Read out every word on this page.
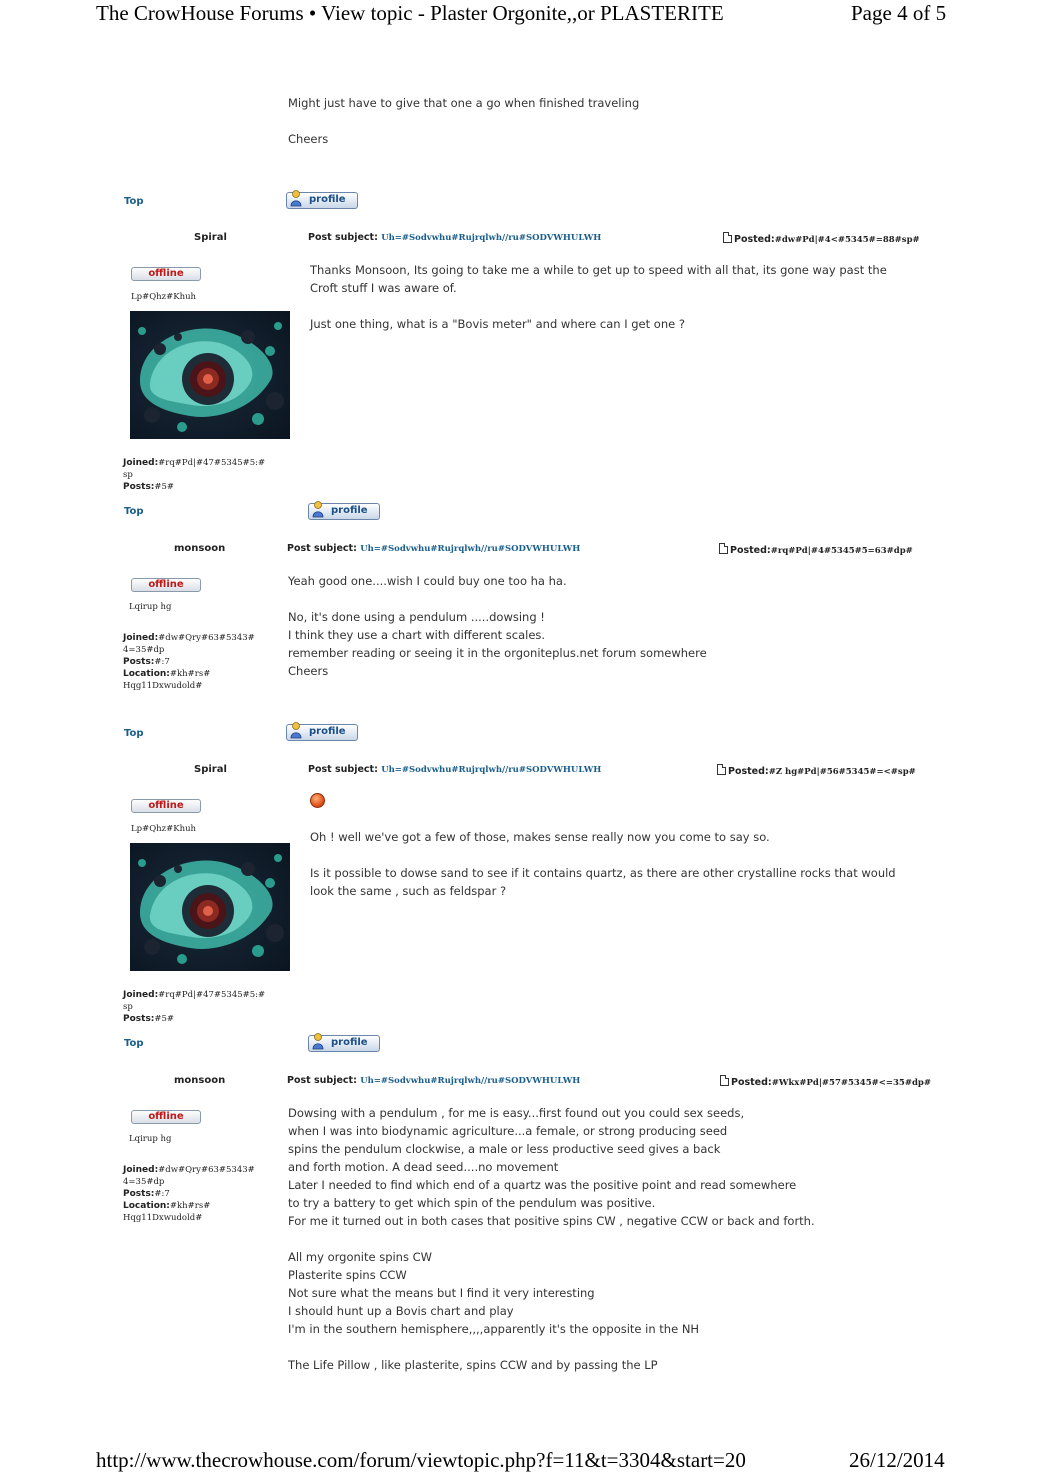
The CrowHouse Forums • View topic - Plaster Orgonite,,or PLASTERITE	Page 4 of 5
Might just have to give that one a go when finished traveling

Cheers
Top	profile
Spiral	Post subject: Uh=#Sodvwhu#Rujrqlwh//ru#SODVWHULWH	Posted:#dw#Pd|#4<#5345#=88#sp#
offline
Lp#Qhz#Khuh
Joined:#rq#Pd|#47#5345#5:#
sp
Posts:#5#
Thanks Monsoon, Its going to take me a while to get up to speed with all that, its gone way past the
Croft stuff I was aware of.

Just one thing, what is a "Bovis meter" and where can I get one ?
Top	profile
monsoon	Post subject: Uh=#Sodvwhu#Rujrqlwh//ru#SODVWHULWH	Posted:#rq#Pd|#4#5345#5=63#dp#
offline
Lqirup hg
Joined:#dw#Qry#63#5343#
4=35#dp
Posts:#:7
Location:#kh#rs#
Hqg11Dxwudold#
Yeah good one....wish I could buy one too ha ha.

No, it's done using a pendulum .....dowsing !
I think they use a chart with different scales.
remember reading or seeing it in the orgoniteplus.net forum somewhere
Cheers
Top	profile
Spiral	Post subject: Uh=#Sodvwhu#Rujrqlwh//ru#SODVWHULWH	Posted:#Z hg#Pd|#56#5345#=<#sp#
offline
Lp#Qhz#Khuh
Joined:#rq#Pd|#47#5345#5:#
sp
Posts:#5#
Oh ! well we've got a few of those, makes sense really now you come to say so.

Is it possible to dowse sand to see if it contains quartz, as there are other crystalline rocks that would
look the same , such as feldspar ?
Top	profile
monsoon	Post subject: Uh=#Sodvwhu#Rujrqlwh//ru#SODVWHULWH	Posted:#Wkx#Pd|#57#5345#<=35#dp#
offline
Lqirup hg
Joined:#dw#Qry#63#5343#
4=35#dp
Posts:#:7
Location:#kh#rs#
Hqg11Dxwudold#
Dowsing with a pendulum , for me is easy...first found out you could sex seeds,
when I was into biodynamic agriculture...a female, or strong producing seed
spins the pendulum clockwise, a male or less productive seed gives a back
and forth motion. A dead seed....no movement
Later I needed to find which end of a quartz was the positive point and read somewhere
to try a battery to get which spin of the pendulum was positive.
For me it turned out in both cases that positive spins CW , negative CCW or back and forth.

All my orgonite spins CW
Plasterite spins CCW
Not sure what the means but I find it very interesting
I should hunt up a Bovis chart and play
I'm in the southern hemisphere,,,,apparently it's the opposite in the NH

The Life Pillow , like plasterite, spins CCW and by passing the LP
http://www.thecrowhouse.com/forum/viewtopic.php?f=11&t=3304&start=20	26/12/2014
